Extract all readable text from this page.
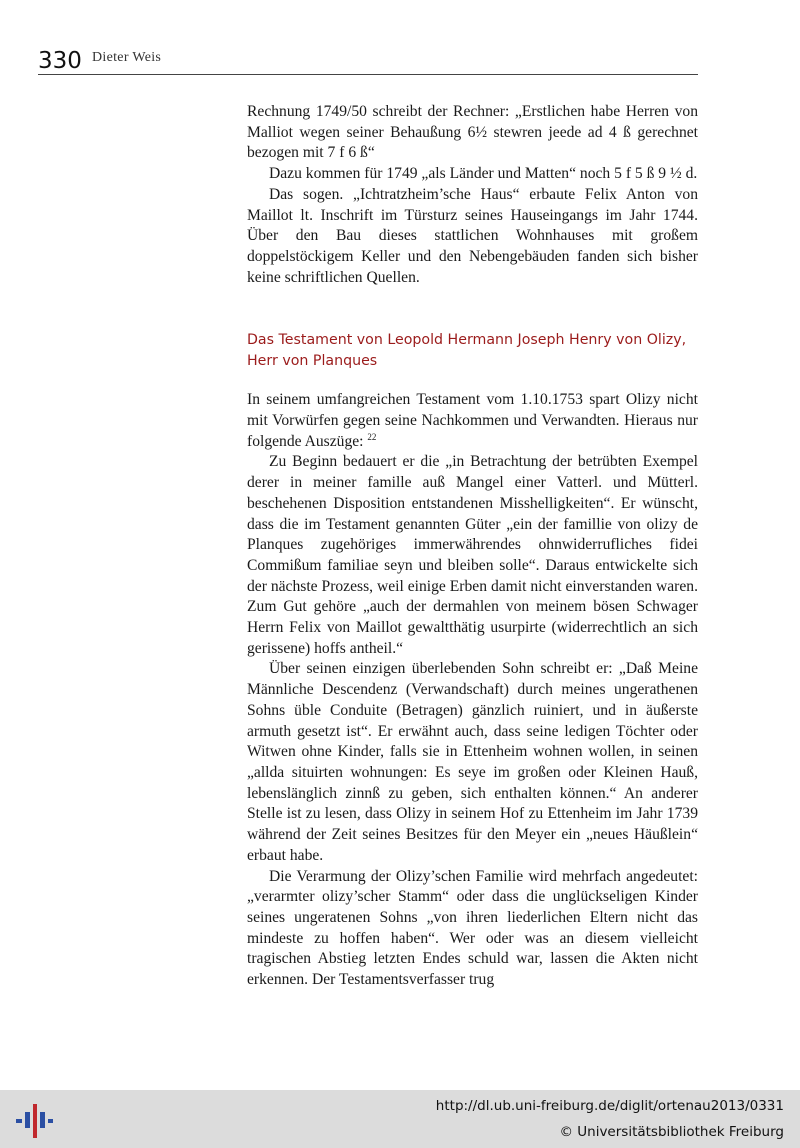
330 Dieter Weis

Rechnung 1749/50 schreibt der Rechner: „Erstlichen habe Herren von Malliot wegen seiner Behaußung 6½ stewren jeede ad 4 ß gerechnet bezogen mit 7 f 6 ß“

Dazu kommen für 1749 „als Länder und Matten“ noch 5 f 5 ß 9 ½ d.

Das sogen. „Ichtratzheim’sche Haus“ erbaute Felix Anton von Maillot lt. Inschrift im Türsturz seines Hauseingangs im Jahr 1744. Über den Bau dieses stattlichen Wohnhauses mit großem doppelstöckigem Keller und den Nebengebäuden fanden sich bisher keine schriftlichen Quellen.

Das Testament von Leopold Hermann Joseph Henry von Olizy, Herr von Planques

In seinem umfangreichen Testament vom 1.10.1753 spart Olizy nicht mit Vorwürfen gegen seine Nachkommen und Verwandten. Hieraus nur folgende Auszüge: $^{22}$

Zu Beginn bedauert er die „in Betrachtung der betrübten Exempel derer in meiner famille auß Mangel einer Vatterl. und Mütterl. beschehenen Disposition entstandenen Misshelligkeiten“. Er wünscht, dass die im Testament genannten Güter „ein der famillie von olizy de Planques zugehöriges immerwährendes ohnwiderrufliches fidei Commißum familiae seyn und bleiben solle“. Daraus entwickelte sich der nächste Prozess, weil einige Erben damit nicht einverstanden waren. Zum Gut gehöre „auch der dermahlen von meinem bösen Schwager Herrn Felix von Maillot gewaltthätig usurpirte (widerrechtlich an sich gerissene) hoffs antheil.“

Über seinen einzigen überlebenden Sohn schreibt er: „Daß Meine Männliche Descendenz (Verwandschaft) durch meines ungerathenen Sohns üble Conduite (Betragen) gänzlich ruiniert, und in äußerste armuth gesetzt ist“. Er erwähnt auch, dass seine ledigen Töchter oder Witwen ohne Kinder, falls sie in Ettenheim wohnen wollen, in seinen „allda situirten wohnungen: Es seye im großen oder Kleinen Hauß, lebenslänglich zinnß zu geben, sich enthalten können.“ An anderer Stelle ist zu lesen, dass Olizy in seinem Hof zu Ettenheim im Jahr 1739 während der Zeit seines Besitzes für den Meyer ein „neues Häußlein“ erbaut habe.

Die Verarmung der Olizy’schen Familie wird mehrfach angedeutet: „verarmter olizy’scher Stamm“ oder dass die unglückseligen Kinder seines ungeratenen Sohns „von ihren liederlichen Eltern nicht das mindeste zu hoffen haben“. Wer oder was an diesem vielleicht tragischen Abstieg letzten Endes schuld war, lassen die Akten nicht erkennen. Der Testamentsverfasser trug

http://dl.ub.uni-freiburg.de/diglit/ortenau2013/0331
© Universitätsbibliothek Freiburg
